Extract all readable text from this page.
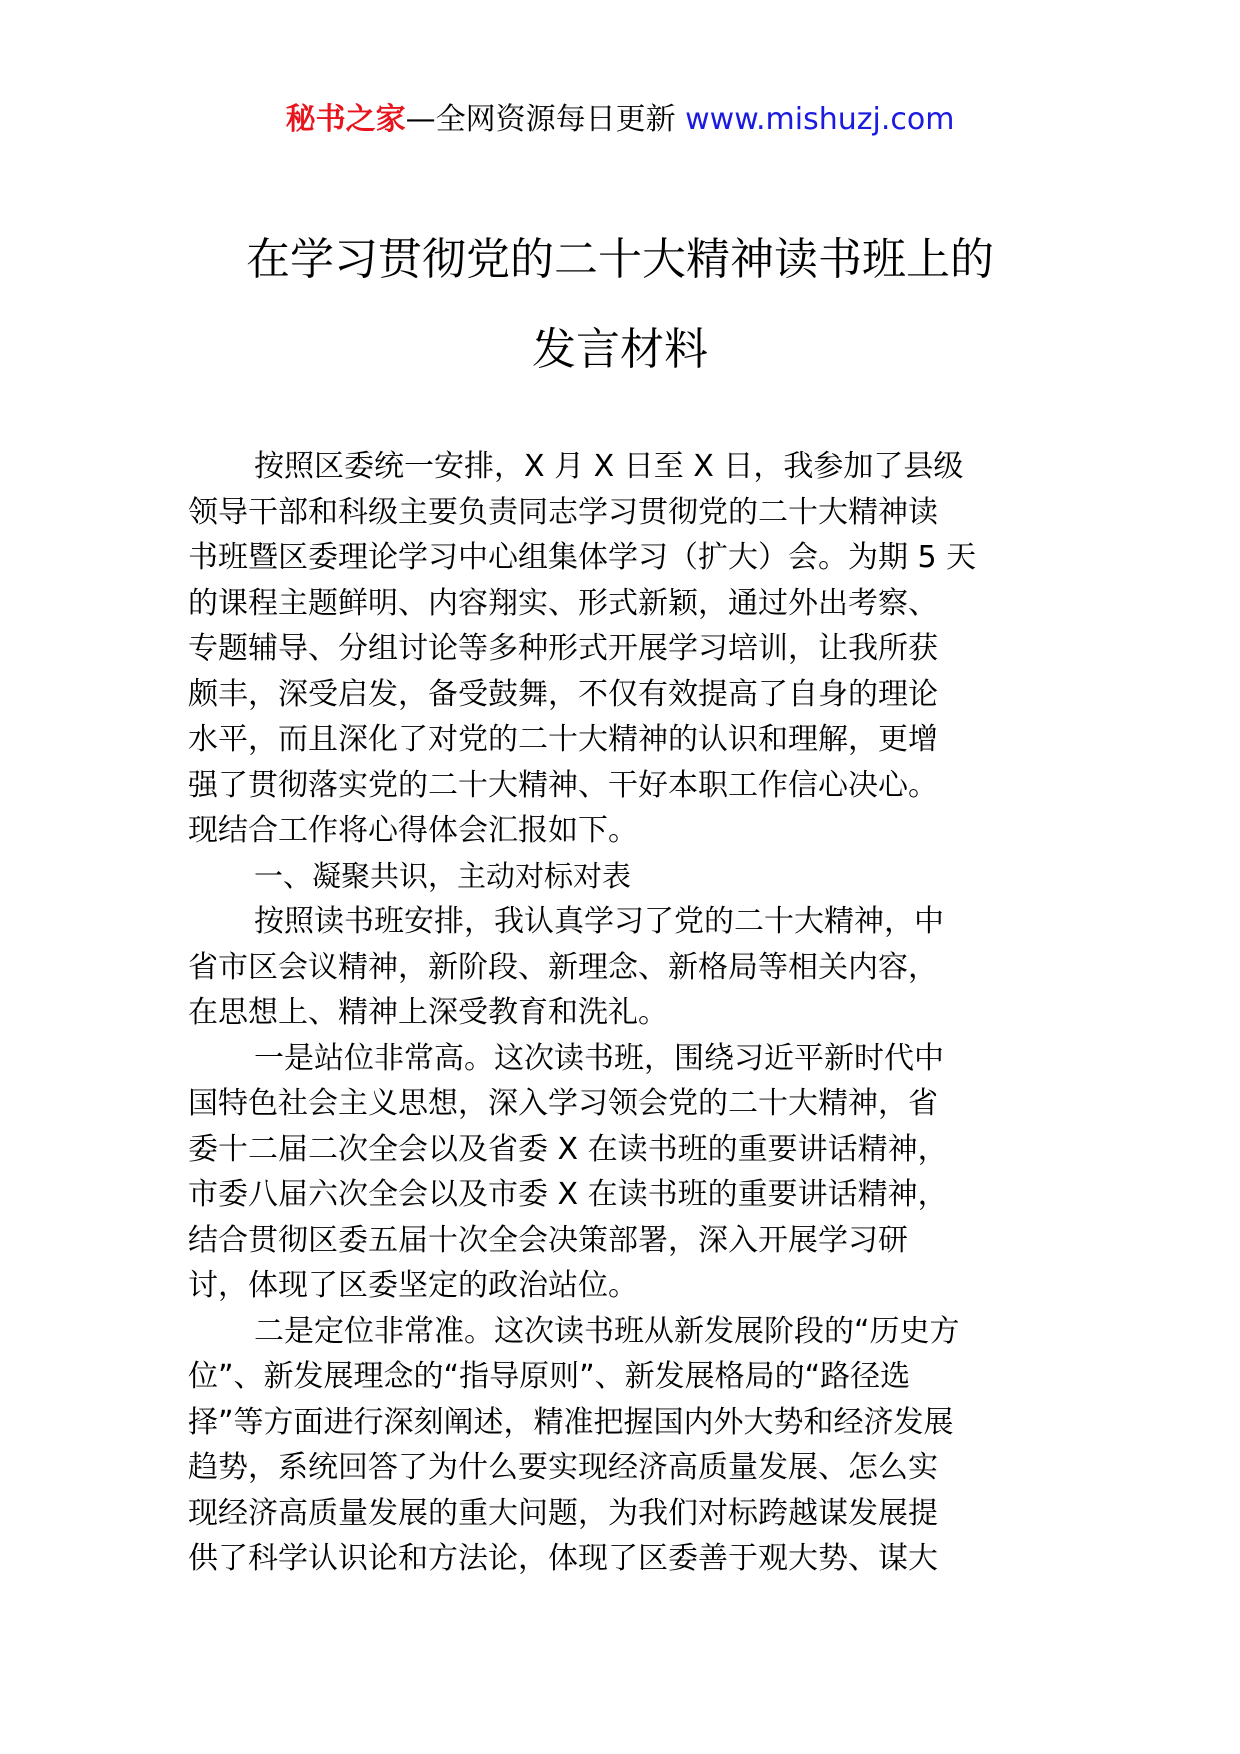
秘书之家—全网资源每日更新 www.mishuzj.com
在学习贯彻党的二十大精神读书班上的
发言材料
按照区委统一安排，X 月 X 日至 X 日，我参加了县级
领导干部和科级主要负责同志学习贯彻党的二十大精神读
书班暨区委理论学习中心组集体学习（扩大）会。为期 5 天
的课程主题鲜明、内容翔实、形式新颖，通过外出考察、
专题辅导、分组讨论等多种形式开展学习培训，让我所获
颇丰，深受启发，备受鼓舞，不仅有效提高了自身的理论
水平，而且深化了对党的二十大精神的认识和理解，更增
强了贯彻落实党的二十大精神、干好本职工作信心决心。
现结合工作将心得体会汇报如下。
一、凝聚共识，主动对标对表
按照读书班安排，我认真学习了党的二十大精神，中
省市区会议精神，新阶段、新理念、新格局等相关内容，
在思想上、精神上深受教育和洗礼。
一是站位非常高。这次读书班，围绕习近平新时代中
国特色社会主义思想，深入学习领会党的二十大精神，省
委十二届二次全会以及省委 X 在读书班的重要讲话精神，
市委八届六次全会以及市委 X 在读书班的重要讲话精神，
结合贯彻区委五届十次全会决策部署，深入开展学习研
讨，体现了区委坚定的政治站位。
二是定位非常准。这次读书班从新发展阶段的“历史方
位”、新发展理念的“指导原则”、新发展格局的“路径选
择”等方面进行深刻阐述，精准把握国内外大势和经济发展
趋势，系统回答了为什么要实现经济高质量发展、怎么实
现经济高质量发展的重大问题，为我们对标跨越谋发展提
供了科学认识论和方法论，体现了区委善于观大势、谋大
